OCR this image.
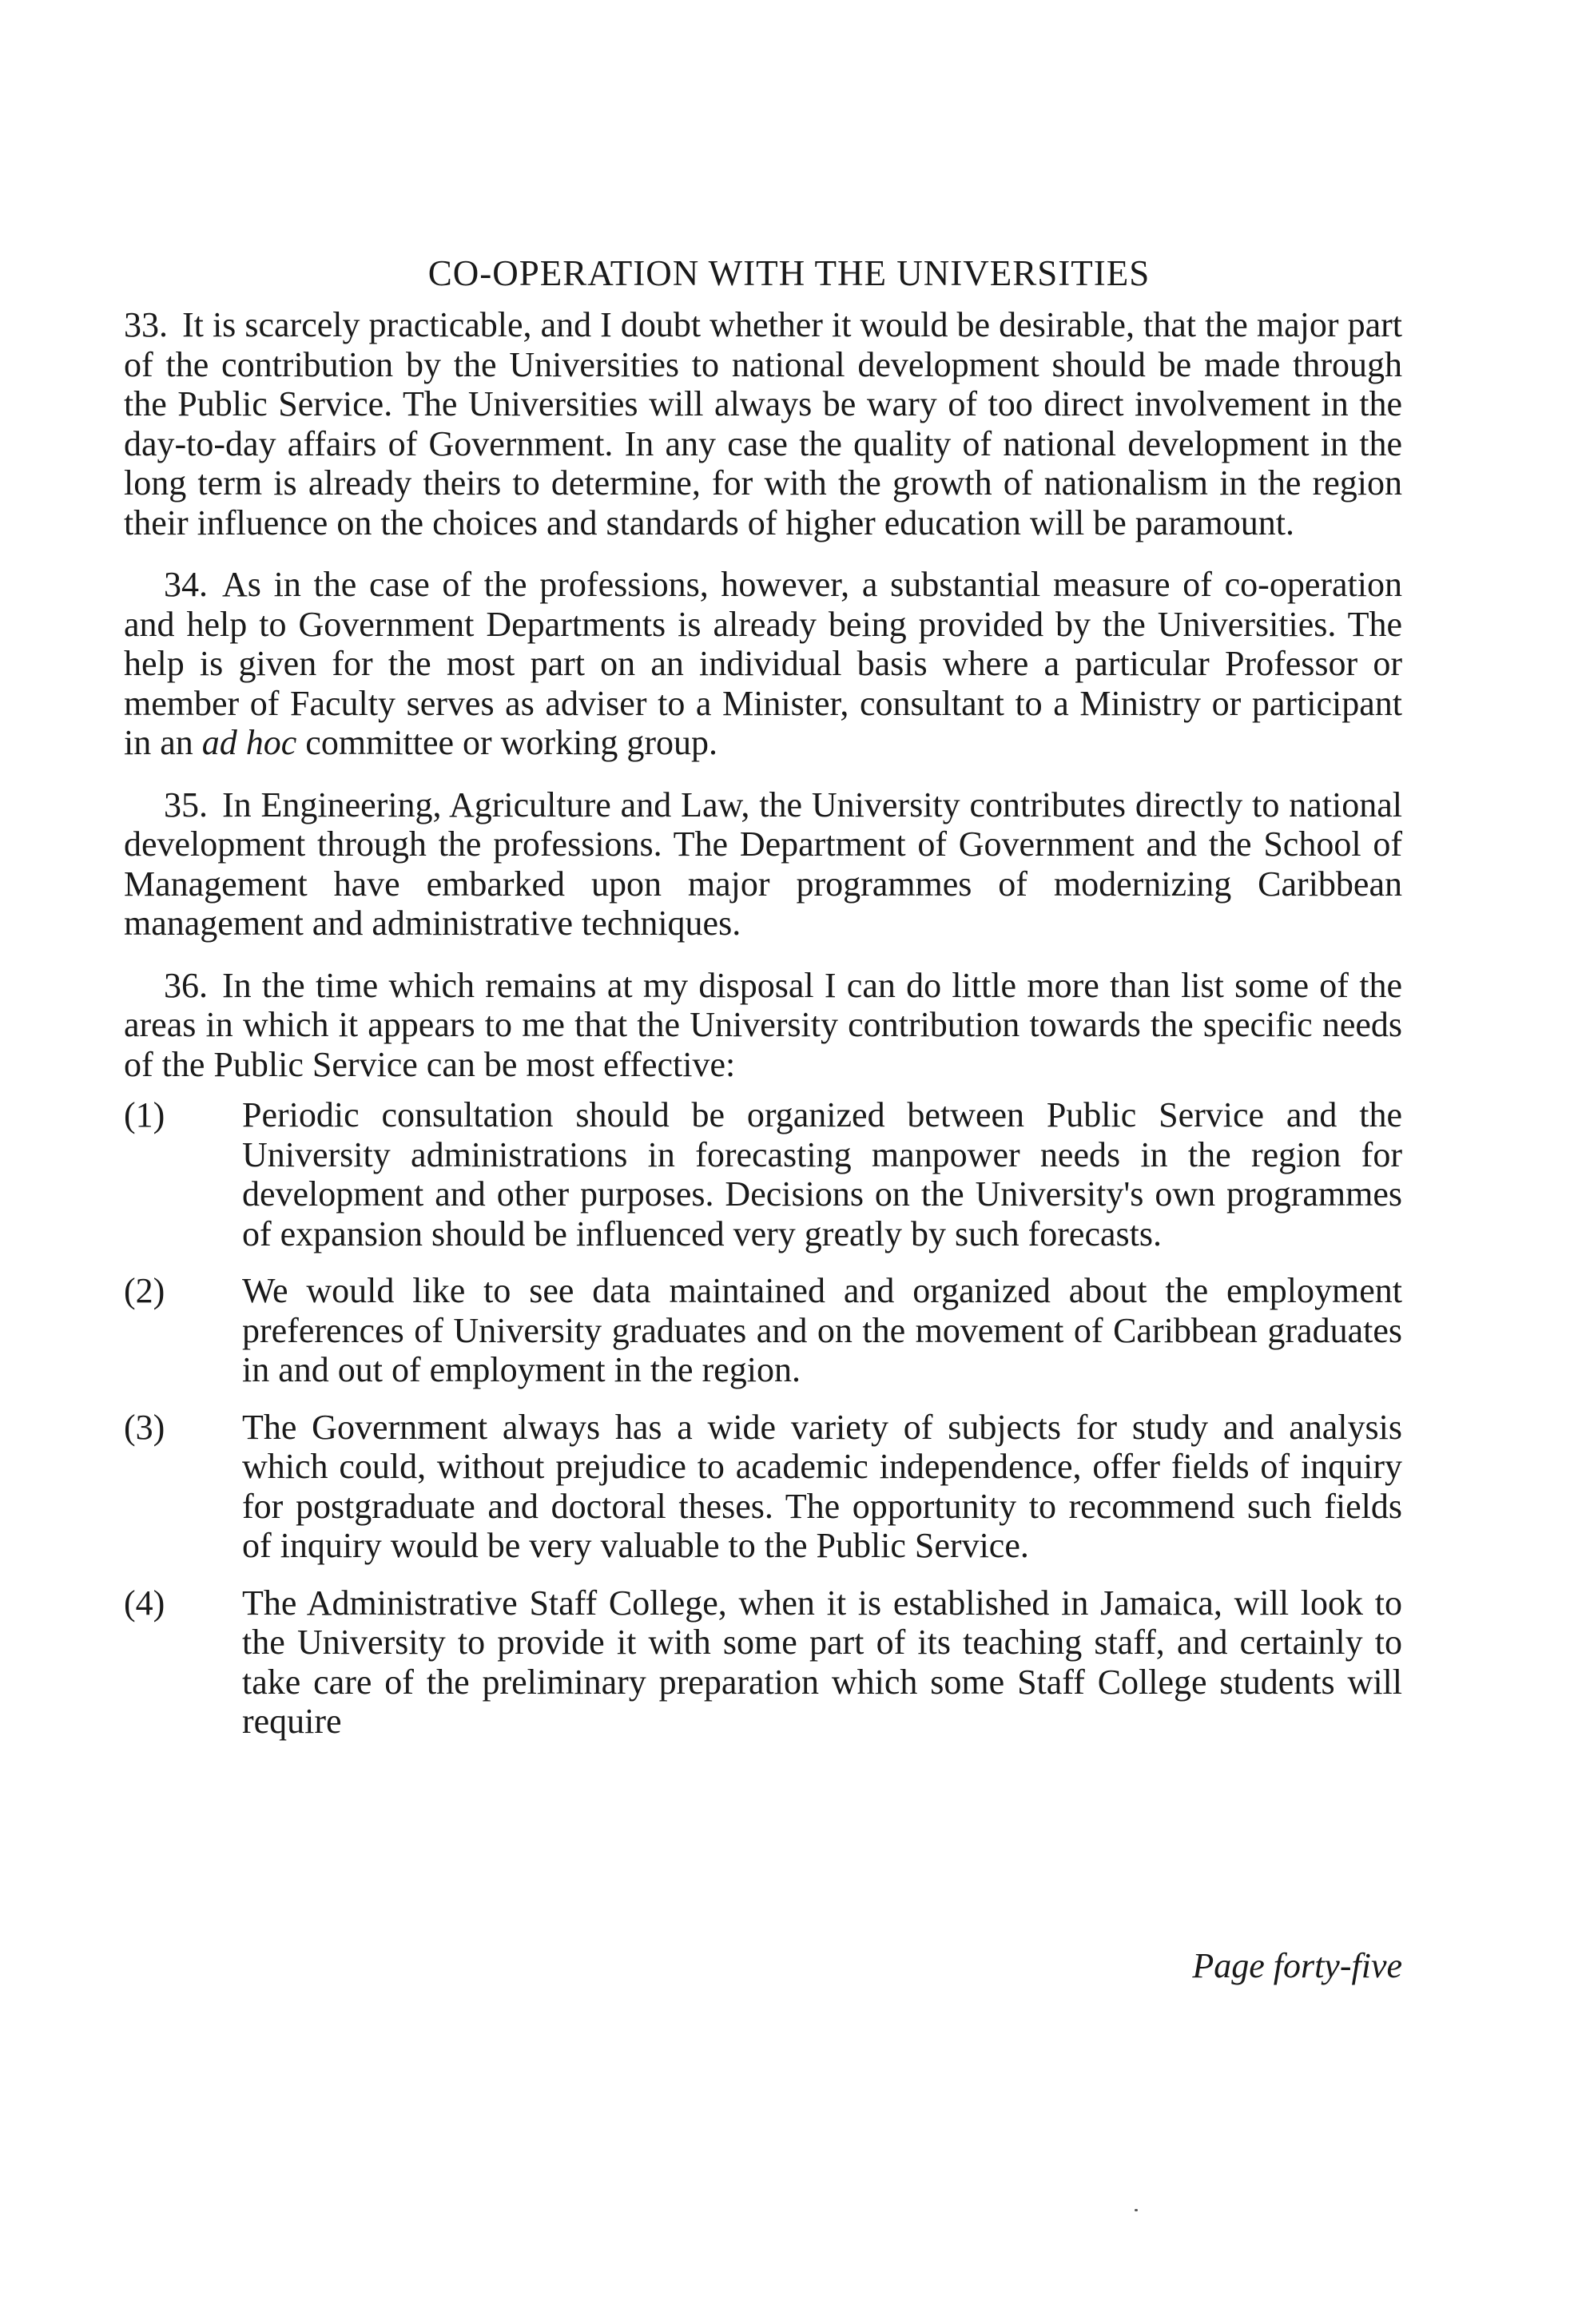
CO-OPERATION WITH THE UNIVERSITIES

33. It is scarcely practicable, and I doubt whether it would be desirable, that the major part of the contribution by the Universities to national development should be made through the Public Service. The Universities will always be wary of too direct involvement in the day-to-day affairs of Government. In any case the quality of national development in the long term is already theirs to determine, for with the growth of nationalism in the region their influence on the choices and standards of higher education will be paramount.

34. As in the case of the professions, however, a substantial measure of co-operation and help to Government Departments is already being provided by the Universities. The help is given for the most part on an individual basis where a particular Professor or member of Faculty serves as adviser to a Minister, consultant to a Ministry or participant in an ad hoc committee or working group.

35. In Engineering, Agriculture and Law, the University contributes directly to national development through the professions. The Department of Government and the School of Management have embarked upon major programmes of modernizing Caribbean management and administrative techniques.

36. In the time which remains at my disposal I can do little more than list some of the areas in which it appears to me that the University contribution towards the specific needs of the Public Service can be most effective:

(1)	Periodic consultation should be organized between Public Service and the University administrations in forecasting manpower needs in the region for development and other purposes. Decisions on the University's own programmes of expansion should be influenced very greatly by such forecasts.
(2)	We would like to see data maintained and organized about the employment preferences of University graduates and on the movement of Caribbean graduates in and out of employment in the region.
(3)	The Government always has a wide variety of subjects for study and analysis which could, without prejudice to academic independence, offer fields of inquiry for postgraduate and doctoral theses. The opportunity to recommend such fields of inquiry would be very valuable to the Public Service.
(4)	The Administrative Staff College, when it is established in Jamaica, will look to the University to provide it with some part of its teaching staff, and certainly to take care of the preliminary preparation which some Staff College students will require
Page forty-five
